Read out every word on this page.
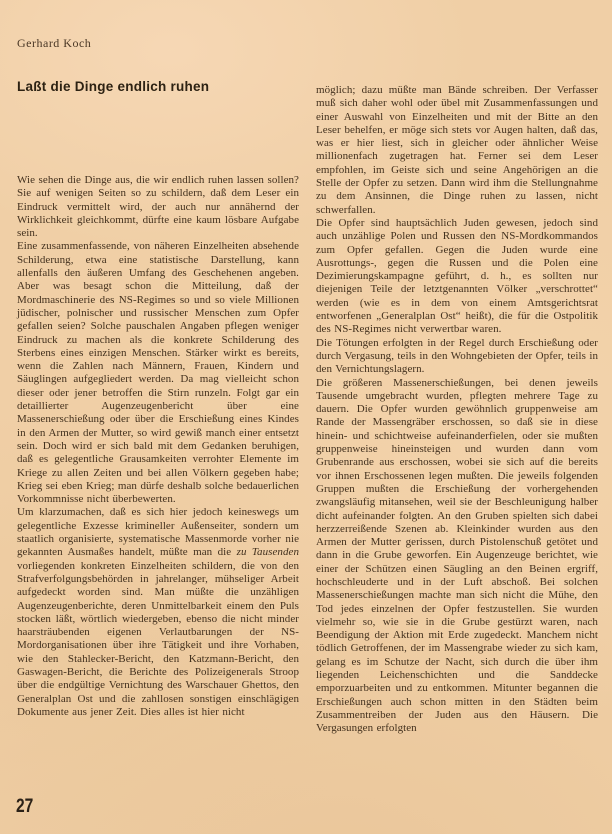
Gerhard Koch
Laßt die Dinge endlich ruhen

Wie sehen die Dinge aus, die wir endlich ruhen lassen sollen? Sie auf wenigen Seiten so zu schildern, daß dem Leser ein Eindruck vermittelt wird, der auch nur annähernd der Wirklichkeit gleichkommt, dürfte eine kaum lösbare Aufgabe sein.

Eine zusammenfassende, von näheren Einzelheiten absehende Schilderung, etwa eine statistische Darstellung, kann allenfalls den äußeren Umfang des Geschehenen angeben. Aber was besagt schon die Mitteilung, daß der Mordmaschinerie des NS-Regimes so und so viele Millionen jüdischer, polnischer und russischer Menschen zum Opfer gefallen seien? Solche pauschalen Angaben pflegen weniger Eindruck zu machen als die konkrete Schilderung des Sterbens eines einzigen Menschen. Stärker wirkt es bereits, wenn die Zahlen nach Männern, Frauen, Kindern und Säuglingen aufgegliedert werden. Da mag vielleicht schon dieser oder jener betroffen die Stirn runzeln. Folgt gar ein detaillierter Augenzeugenbericht über eine Massenerschießung oder über die Erschießung eines Kindes in den Armen der Mutter, so wird gewiß manch einer entsetzt sein. Doch wird er sich bald mit dem Gedanken beruhigen, daß es gelegentliche Grausamkeiten verrohter Elemente im Kriege zu allen Zeiten und bei allen Völkern gegeben habe; Krieg sei eben Krieg; man dürfe deshalb solche bedauerlichen Vorkommnisse nicht überbewerten.

Um klarzumachen, daß es sich hier jedoch keineswegs um gelegentliche Exzesse krimineller Außenseiter, sondern um staatlich organisierte, systematische Massenmorde vorher nie gekannten Ausmaßes handelt, müßte man die zu Tausenden vorliegenden konkreten Einzelheiten schildern, die von den Strafverfolgungsbehörden in jahrelanger, mühseliger Arbeit aufgedeckt worden sind. Man müßte die unzähligen Augenzeugenberichte, deren Unmittelbarkeit einem den Puls stocken läßt, wörtlich wiedergeben, ebenso die nicht minder haarsträubenden eigenen Verlautbarungen der NS-Mordorganisationen über ihre Tätigkeit und ihre Vorhaben, wie den Stahlecker-Bericht, den Katzmann-Bericht, den Gaswagen-Bericht, die Berichte des Polizeigenerals Stroop über die endgültige Vernichtung des Warschauer Ghettos, den Generalplan Ost und die zahllosen sonstigen einschlägigen Dokumente aus jener Zeit. Dies alles ist hier nicht

möglich; dazu müßte man Bände schreiben. Der Verfasser muß sich daher wohl oder übel mit Zusammenfassungen und einer Auswahl von Einzelheiten und mit der Bitte an den Leser behelfen, er möge sich stets vor Augen halten, daß das, was er hier liest, sich in gleicher oder ähnlicher Weise millionenfach zugetragen hat. Ferner sei dem Leser empfohlen, im Geiste sich und seine Angehörigen an die Stelle der Opfer zu setzen. Dann wird ihm die Stellungnahme zu dem Ansinnen, die Dinge ruhen zu lassen, nicht schwerfallen.

Die Opfer sind hauptsächlich Juden gewesen, jedoch sind auch unzählige Polen und Russen den NS-Mordkommandos zum Opfer gefallen. Gegen die Juden wurde eine Ausrottungs-, gegen die Russen und die Polen eine Dezimierungskampagne geführt, d. h., es sollten nur diejenigen Teile der letztgenannten Völker „verschrottet“ werden (wie es in dem von einem Amtsgerichtsrat entworfenen „Generalplan Ost“ heißt), die für die Ostpolitik des NS-Regimes nicht verwertbar waren.

Die Tötungen erfolgten in der Regel durch Erschießung oder durch Vergasung, teils in den Wohngebieten der Opfer, teils in den Vernichtungslagern.

Die größeren Massenerschießungen, bei denen jeweils Tausende umgebracht wurden, pflegten mehrere Tage zu dauern. Die Opfer wurden gewöhnlich gruppenweise am Rande der Massengräber erschossen, so daß sie in diese hinein- und schichtweise aufeinanderfielen, oder sie mußten gruppenweise hineinsteigen und wurden dann vom Grubenrande aus erschossen, wobei sie sich auf die bereits vor ihnen Erschossenen legen mußten. Die jeweils folgenden Gruppen mußten die Erschießung der vorhergehenden zwangsläufig mitansehen, weil sie der Beschleunigung halber dicht aufeinander folgten. An den Gruben spielten sich dabei herzzerreißende Szenen ab. Kleinkinder wurden aus den Armen der Mutter gerissen, durch Pistolenschuß getötet und dann in die Grube geworfen. Ein Augenzeuge berichtet, wie einer der Schützen einen Säugling an den Beinen ergriff, hochschleuderte und in der Luft abschoß. Bei solchen Massenerschießungen machte man sich nicht die Mühe, den Tod jedes einzelnen der Opfer festzustellen. Sie wurden vielmehr so, wie sie in die Grube gestürzt waren, nach Beendigung der Aktion mit Erde zugedeckt. Manchem nicht tödlich Getroffenen, der im Massengrabe wieder zu sich kam, gelang es im Schutze der Nacht, sich durch die über ihm liegenden Leichenschichten und die Sanddecke emporzuarbeiten und zu entkommen. Mitunter begannen die Erschießungen auch schon mitten in den Städten beim Zusammentreiben der Juden aus den Häusern. Die Vergasungen erfolgten

27
